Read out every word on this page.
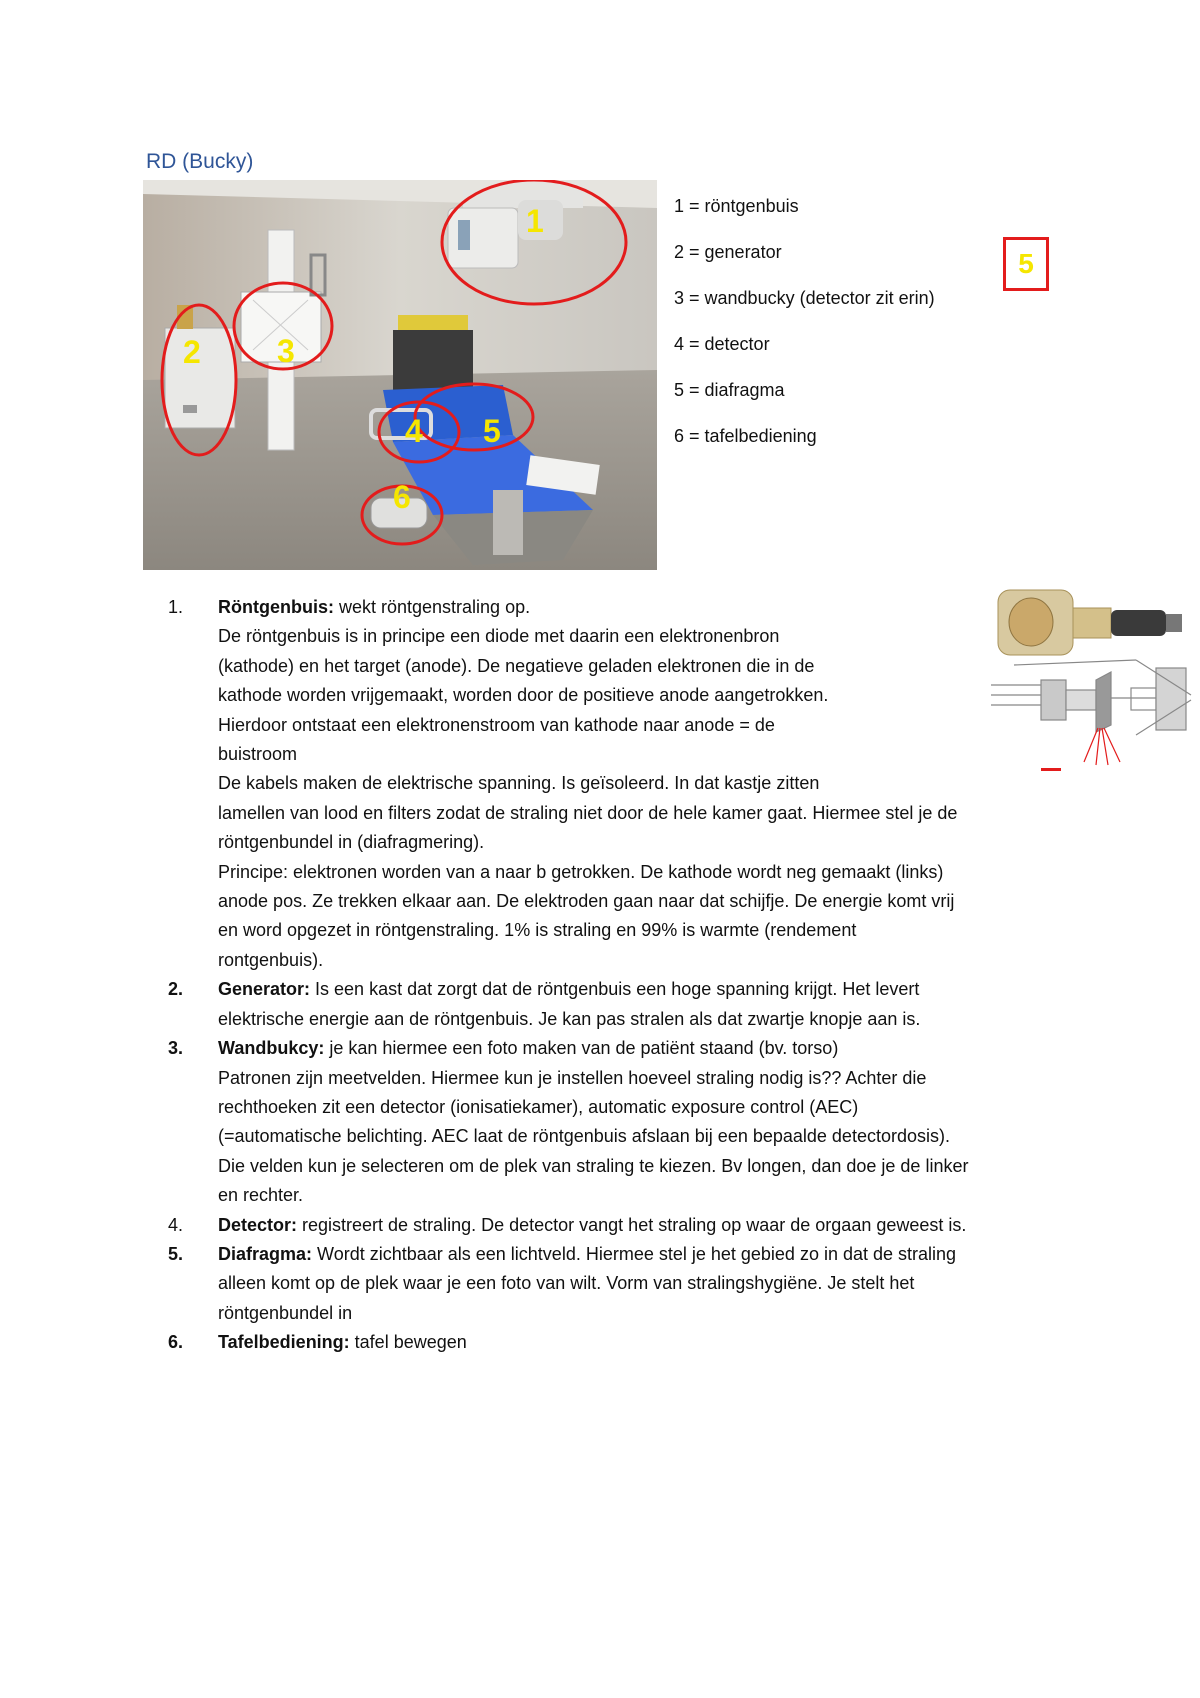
RD (Bucky)
1
2 3
4 5
6
1 = röntgenbuis
2 = generator
3 = wandbucky (detector zit erin)
4 = detector
5 = diafragma
6 = tafelbediening
5
1.	Röntgenbuis: wekt röntgenstraling op.
De röntgenbuis is in principe een diode met daarin een elektronenbron
(kathode) en het target (anode). De negatieve geladen elektronen die in de
kathode worden vrijgemaakt, worden door de positieve anode aangetrokken.
Hierdoor ontstaat een elektronenstroom van kathode naar anode = de
buistroom
De kabels maken de elektrische spanning. Is geïsoleerd. In dat kastje zitten
lamellen van lood en filters zodat de straling niet door de hele kamer gaat. Hiermee stel je de
röntgenbundel in (diafragmering).
Principe: elektronen worden van a naar b getrokken. De kathode wordt neg gemaakt (links)
anode pos. Ze trekken elkaar aan. De elektroden gaan naar dat schijfje. De energie komt vrij
en word opgezet in röntgenstraling. 1% is straling en 99% is warmte (rendement
rontgenbuis).
2.	Generator: Is een kast dat zorgt dat de röntgenbuis een hoge spanning krijgt. Het levert
elektrische energie aan de röntgenbuis. Je kan pas stralen als dat zwartje knopje aan is.
3.	Wandbukcy: je kan hiermee een foto maken van de patiënt staand (bv. torso)
Patronen zijn meetvelden. Hiermee kun je instellen hoeveel straling nodig is?? Achter die
rechthoeken zit een detector (ionisatiekamer), automatic exposure control (AEC)
(=automatische belichting. AEC laat de röntgenbuis afslaan bij een bepaalde detectordosis).
Die velden kun je selecteren om de plek van straling te kiezen. Bv longen, dan doe je de linker
en rechter.
4.	Detector: registreert de straling. De detector vangt het straling op waar de orgaan geweest is.
5.	Diafragma: Wordt zichtbaar als een lichtveld. Hiermee stel je het gebied zo in dat de straling
alleen komt op de plek waar je een foto van wilt. Vorm van stralingshygiëne. Je stelt het
röntgenbundel in
6.	Tafelbediening: tafel bewegen
